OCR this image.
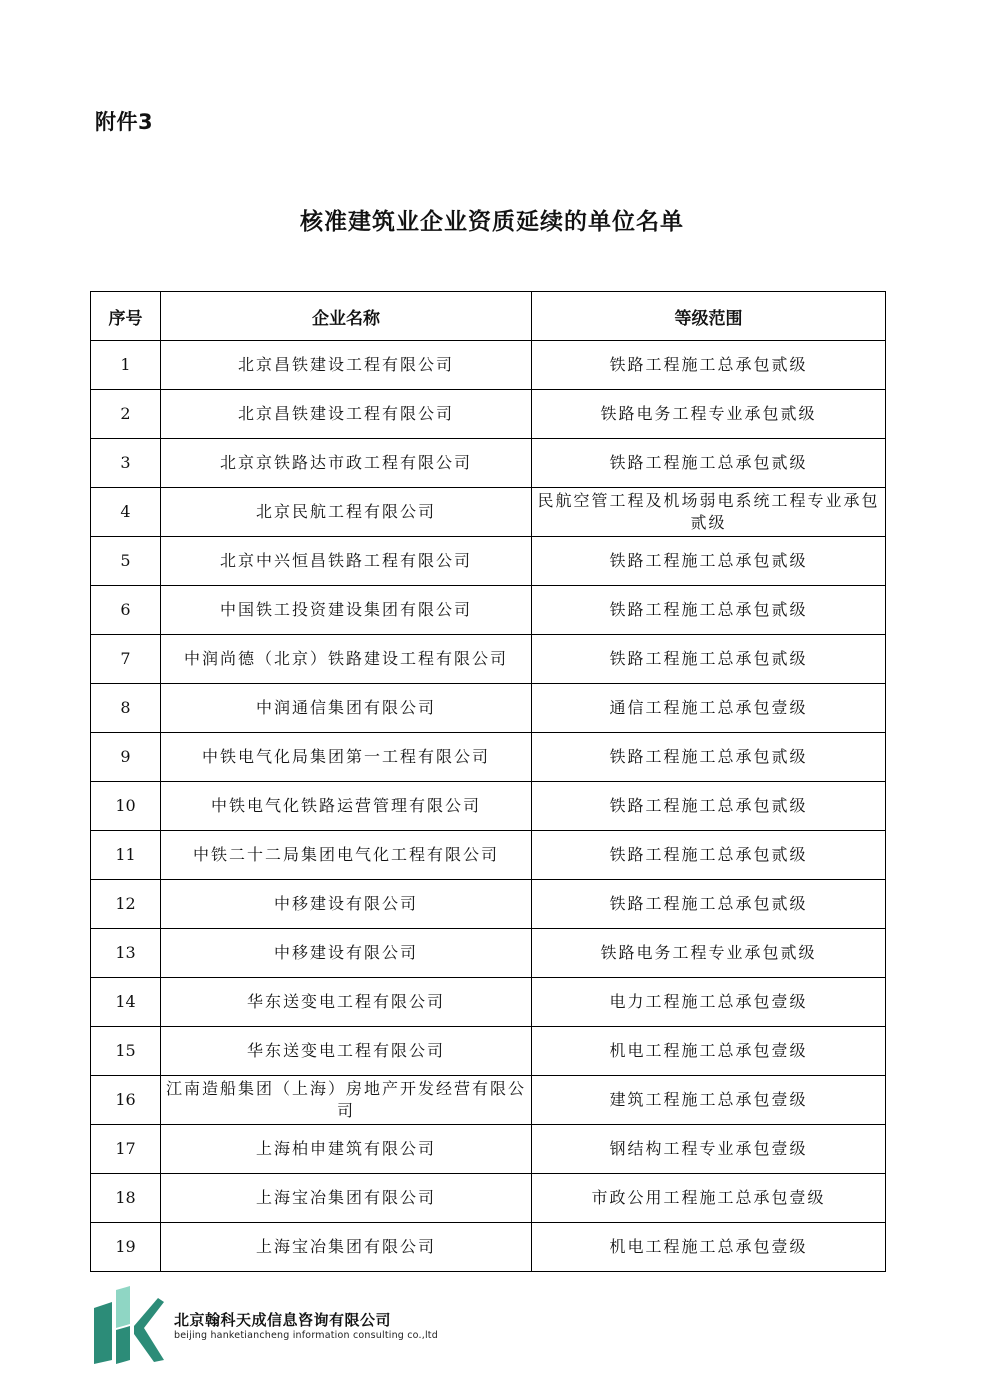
附件3
核准建筑业企业资质延续的单位名单
序号	企业名称	等级范围
1	北京昌铁建设工程有限公司	铁路工程施工总承包贰级
2	北京昌铁建设工程有限公司	铁路电务工程专业承包贰级
3	北京京铁路达市政工程有限公司	铁路工程施工总承包贰级
4	北京民航工程有限公司	民航空管工程及机场弱电系统工程专业承包贰级
5	北京中兴恒昌铁路工程有限公司	铁路工程施工总承包贰级
6	中国铁工投资建设集团有限公司	铁路工程施工总承包贰级
7	中润尚德（北京）铁路建设工程有限公司	铁路工程施工总承包贰级
8	中润通信集团有限公司	通信工程施工总承包壹级
9	中铁电气化局集团第一工程有限公司	铁路工程施工总承包贰级
10	中铁电气化铁路运营管理有限公司	铁路工程施工总承包贰级
11	中铁二十二局集团电气化工程有限公司	铁路工程施工总承包贰级
12	中移建设有限公司	铁路工程施工总承包贰级
13	中移建设有限公司	铁路电务工程专业承包贰级
14	华东送变电工程有限公司	电力工程施工总承包壹级
15	华东送变电工程有限公司	机电工程施工总承包壹级
16	江南造船集团（上海）房地产开发经营有限公司	建筑工程施工总承包壹级
17	上海柏申建筑有限公司	钢结构工程专业承包壹级
18	上海宝冶集团有限公司	市政公用工程施工总承包壹级
19	上海宝冶集团有限公司	机电工程施工总承包壹级
北京翰科天成信息咨询有限公司
beijing hanketiancheng information consulting co.,ltd
